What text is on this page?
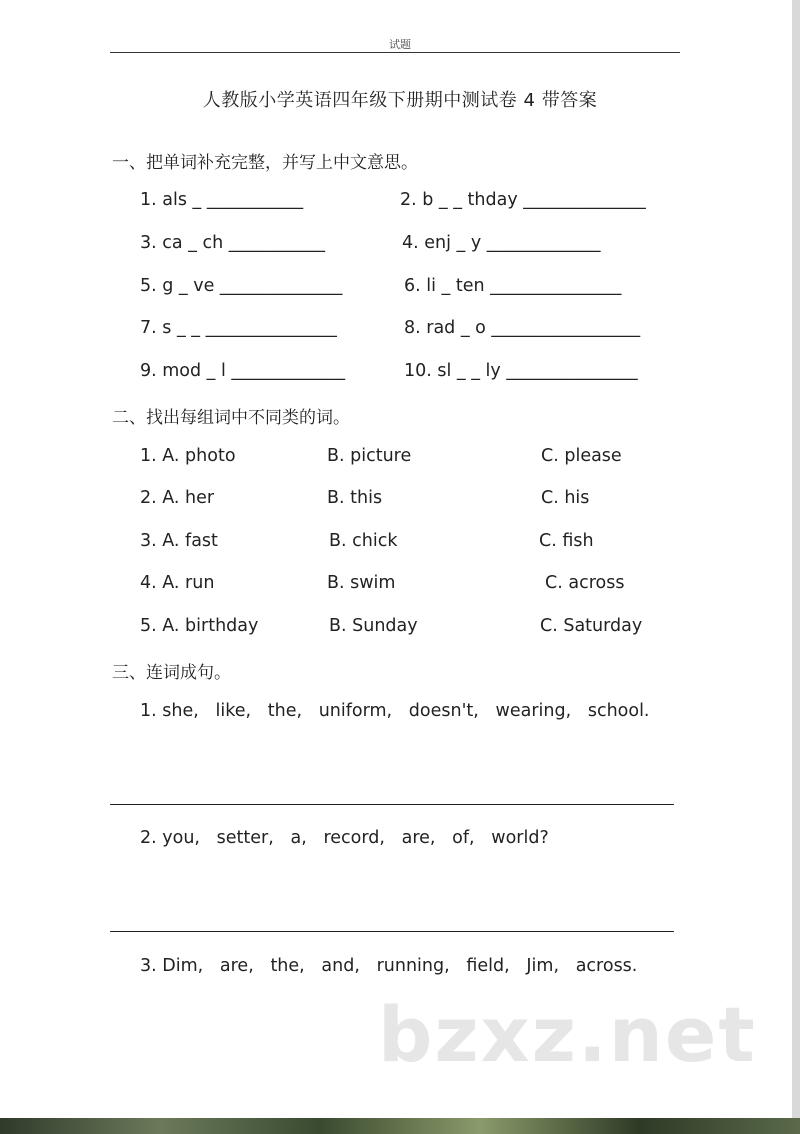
试题
人教版小学英语四年级下册期中测试卷 4 带答案
一、把单词补充完整，并写上中文意思。
1. als _ ___________	2. b _ _ thday ______________
3. ca _ ch ___________	4. enj _ y _____________
5. g _ ve ______________	6. li _ ten _______________
7. s _ _ _______________	8. rad _ o _________________
9. mod _ l _____________	10. sl _ _ ly _______________
二、找出每组词中不同类的词。
1. A. photo	B. picture	C. please
2. A. her	B. this	C. his
3. A. fast	B. chick	C. fish
4. A. run	B. swim	C. across
5. A. birthday	B. Sunday	C. Saturday
三、连词成句。
1. she,   like,   the,   uniform,   doesn't,   wearing,   school.
2. you,   setter,   a,   record,   are,   of,   world?
3. Dim,   are,   the,   and,   running,   field,   Jim,   across.
bzxz.net
